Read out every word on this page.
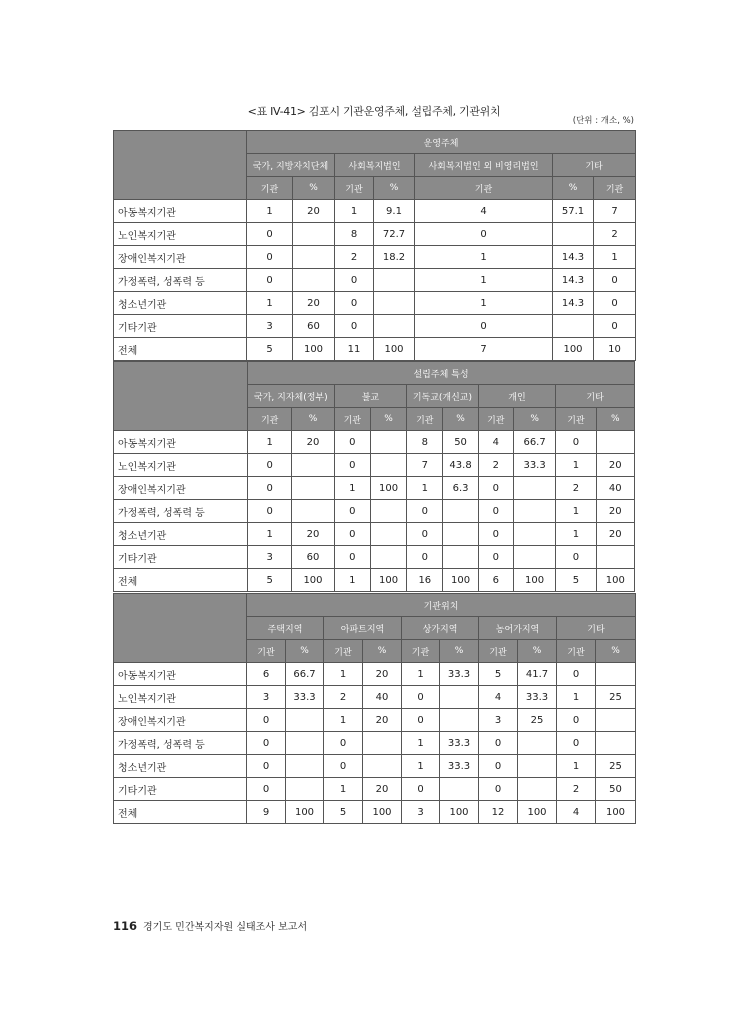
<표 IV-41> 김포시 기관운영주체, 설립주체, 기관위치
(단위 : 개소, %)
	운영주체							
	국가, 지방자치단체		사회복지법인		사회복지법인 외 비영리법인	기타		
	기관	%	기관	%	기관	%	기관	
아동복지기관	1	20	1	9.1	4	57.1	7	
노인복지기관	0		8	72.7	0		2	
장애인복지기관	0		2	18.2	1	14.3	1	
가정폭력, 성폭력 등	0		0		1	14.3	0	
청소년기관	1	20	0		1	14.3	0	
기타기관	3	60	0		0		0	
전체	5	100	11	100	7	100	10	
	설립주체 특성									
	국가, 지자체(정부)		불교		기독교(개신교)		개인		기타	
	기관	%	기관	%	기관	%	기관	%	기관	%
아동복지기관	1	20	0		8	50	4	66.7	0	
노인복지기관	0		0		7	43.8	2	33.3	1	20
장애인복지기관	0		1	100	1	6.3	0		2	40
가정폭력, 성폭력 등	0		0		0		0		1	20
청소년기관	1	20	0		0		0		1	20
기타기관	3	60	0		0		0		0	
전체	5	100	1	100	16	100	6	100	5	100
	기관위치									
	주택지역		아파트지역		상가지역		농어가지역		기타	
	기관	%	기관	%	기관	%	기관	%	기관	%
아동복지기관	6	66.7	1	20	1	33.3	5	41.7	0	
노인복지기관	3	33.3	2	40	0		4	33.3	1	25
장애인복지기관	0		1	20	0		3	25	0	
가정폭력, 성폭력 등	0		0		1	33.3	0		0	
청소년기관	0		0		1	33.3	0		1	25
기타기관	0		1	20	0		0		2	50
전체	9	100	5	100	3	100	12	100	4	100
116 경기도 민간복지자원 실태조사 보고서
